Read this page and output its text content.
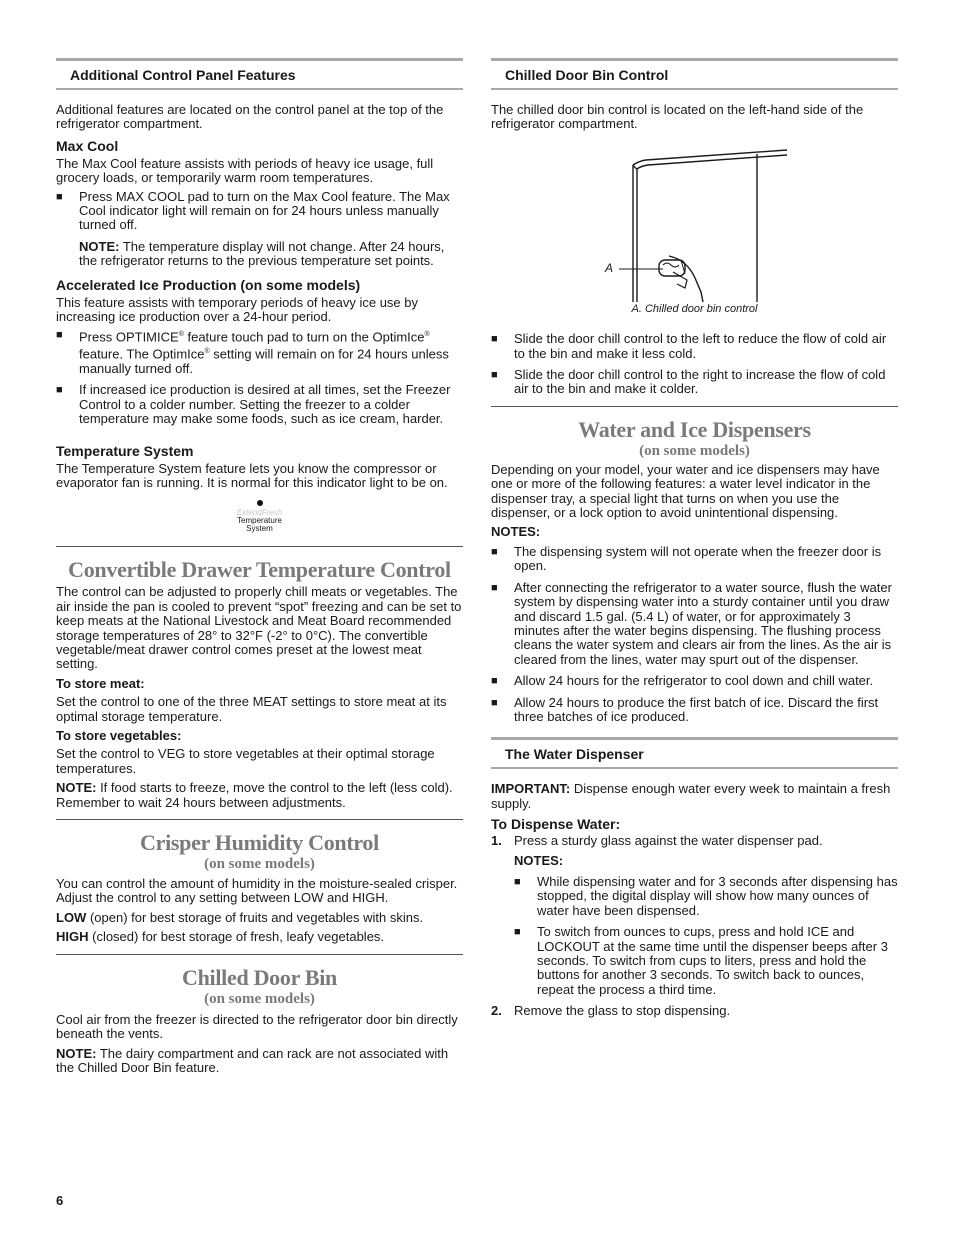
Additional Control Panel Features

Additional features are located on the control panel at the top of the refrigerator compartment.

Max Cool

The Max Cool feature assists with periods of heavy ice usage, full grocery loads, or temporarily warm room temperatures.

■
Press MAX COOL pad to turn on the Max Cool feature. The Max Cool indicator light will remain on for 24 hours unless manually turned off.

NOTE: The temperature display will not change. After 24 hours, the refrigerator returns to the previous temperature set points.

Accelerated Ice Production (on some models)

This feature assists with temporary periods of heavy ice use by increasing ice production over a 24-hour period.

■
Press OPTIMICE® feature touch pad to turn on the OptimIce® feature. The OptimIce® setting will remain on for 24 hours unless manually turned off.
■
If increased ice production is desired at all times, set the Freezer Control to a colder number. Setting the freezer to a colder temperature may make some foods, such as ice cream, harder.
Temperature System

The Temperature System feature lets you know the compressor or evaporator fan is running. It is normal for this indicator light to be on.

ExtendFresh
Temperature
System
Convertible Drawer Temperature Control

The control can be adjusted to properly chill meats or vegetables. The air inside the pan is cooled to prevent “spot” freezing and can be set to keep meats at the National Livestock and Meat Board recommended storage temperatures of 28° to 32°F (-2° to 0°C). The convertible vegetable/meat drawer control comes preset at the lowest meat setting.

To store meat:

Set the control to one of the three MEAT settings to store meat at its optimal storage temperature.

To store vegetables:

Set the control to VEG to store vegetables at their optimal storage temperatures.

NOTE: If food starts to freeze, move the control to the left (less cold). Remember to wait 24 hours between adjustments.

Crisper Humidity Control
(on some models)

You can control the amount of humidity in the moisture-sealed crisper. Adjust the control to any setting between LOW and HIGH.

LOW (open) for best storage of fruits and vegetables with skins.

HIGH (closed) for best storage of fresh, leafy vegetables.

Chilled Door Bin
(on some models)

Cool air from the freezer is directed to the refrigerator door bin directly beneath the vents.

NOTE: The dairy compartment and can rack are not associated with the Chilled Door Bin feature.

Chilled Door Bin Control

The chilled door bin control is located on the left-hand side of the refrigerator compartment.

A
A. Chilled door bin control
■
Slide the door chill control to the left to reduce the flow of cold air to the bin and make it less cold.
■
Slide the door chill control to the right to increase the flow of cold air to the bin and make it colder.
Water and Ice Dispensers
(on some models)

Depending on your model, your water and ice dispensers may have one or more of the following features: a water level indicator in the dispenser tray, a special light that turns on when you use the dispenser, or a lock option to avoid unintentional dispensing.

NOTES:

■
The dispensing system will not operate when the freezer door is open.
■
After connecting the refrigerator to a water source, flush the water system by dispensing water into a sturdy container until you draw and discard 1.5 gal. (5.4 L) of water, or for approximately 3 minutes after the water begins dispensing. The flushing process cleans the water system and clears air from the lines. As the air is cleared from the lines, water may spurt out of the dispenser.
■
Allow 24 hours for the refrigerator to cool down and chill water.
■
Allow 24 hours to produce the first batch of ice. Discard the first three batches of ice produced.
The Water Dispenser

IMPORTANT: Dispense enough water every week to maintain a fresh supply.

To Dispense Water:
1. Press a sturdy glass against the water dispenser pad.

NOTES:

■
While dispensing water and for 3 seconds after dispensing has stopped, the digital display will show how many ounces of water have been dispensed.
■
To switch from ounces to cups, press and hold ICE and LOCKOUT at the same time until the dispenser beeps after 3 seconds. To switch from cups to liters, press and hold the buttons for another 3 seconds. To switch back to ounces, repeat the process a third time.
2. Remove the glass to stop dispensing.
6
